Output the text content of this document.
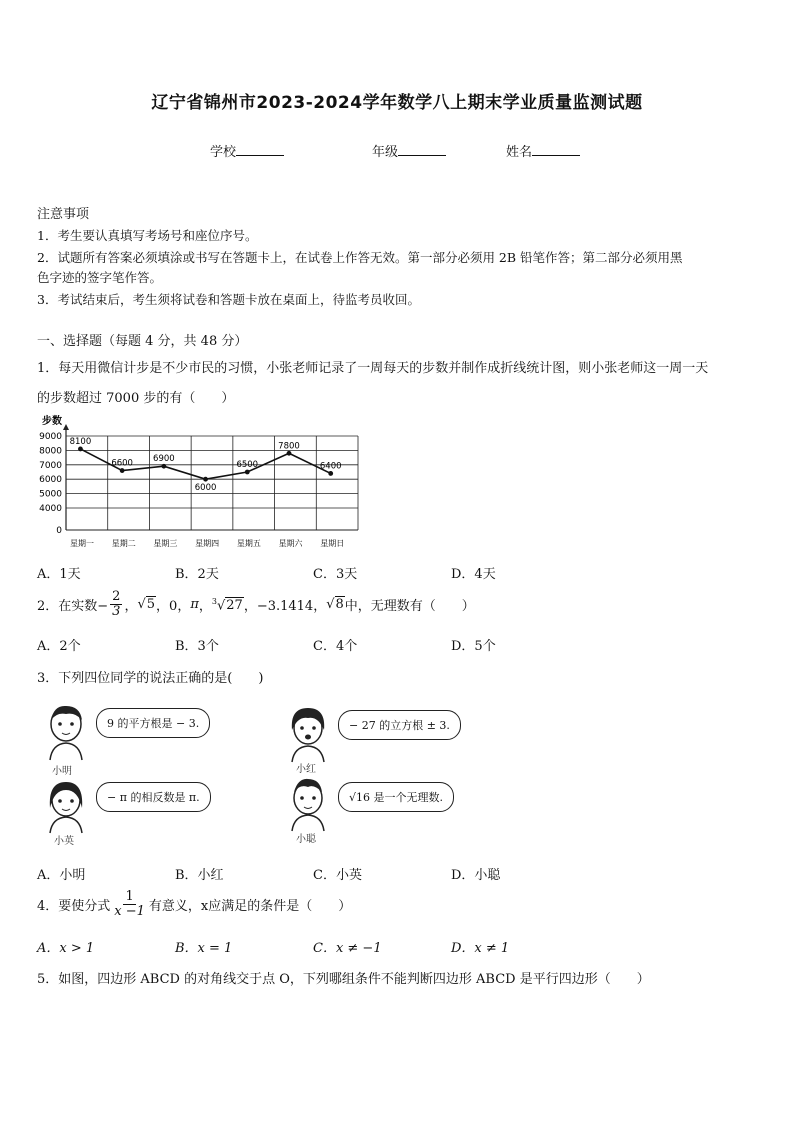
辽宁省锦州市2023-2024学年数学八上期末学业质量监测试题
学校	年级	姓名
注意事项
1．考生要认真填写考场号和座位序号。
2．试题所有答案必须填涂或书写在答题卡上，在试卷上作答无效。第一部分必须用 2B 铅笔作答；第二部分必须用黑
色字迹的签字笔作答。
3．考试结束后，考生须将试卷和答题卡放在桌面上，待监考员收回。
一、选择题（每题 4 分，共 48 分）
1．每天用微信计步是不少市民的习惯，小张老师记录了一周每天的步数并制作成折线统计图，则小张老师这一周一天
的步数超过 7000 步的有（　　）
步数
9000
8000
7000
6000
5000
4000
0
星期一 星期二 星期三 星期四 星期五 星期六 星期日
8100
6600 6900
6000
6500
7800
6400
A．1天	B．2天	C．3天	D．4天
2．在实数− $\frac{2}{3}$ ， √5 ，0， π ， $^3$√27 ，−3.1414， √8 中，无理数有（　　）
A．2个	B．3个	C．4个	D．5个
3．下列四位同学的说法正确的是(　　)
9 的平方根是 − 3.
小明
− π 的相反数是 π.
小英
− 27 的立方根 ± 3.
小红
√16 是一个无理数.
小聪
A．小明	B．小红	C．小英	D．小聪
4．要使分式 $\frac{1}{x -1}$ 有意义，x应满足的条件是（　　）
A．x > 1	B．x = 1	C．x ≠ −1	D．x ≠ 1
5．如图，四边形 ABCD 的对角线交于点 O，下列哪组条件不能判断四边形 ABCD 是平行四边形（　　）
